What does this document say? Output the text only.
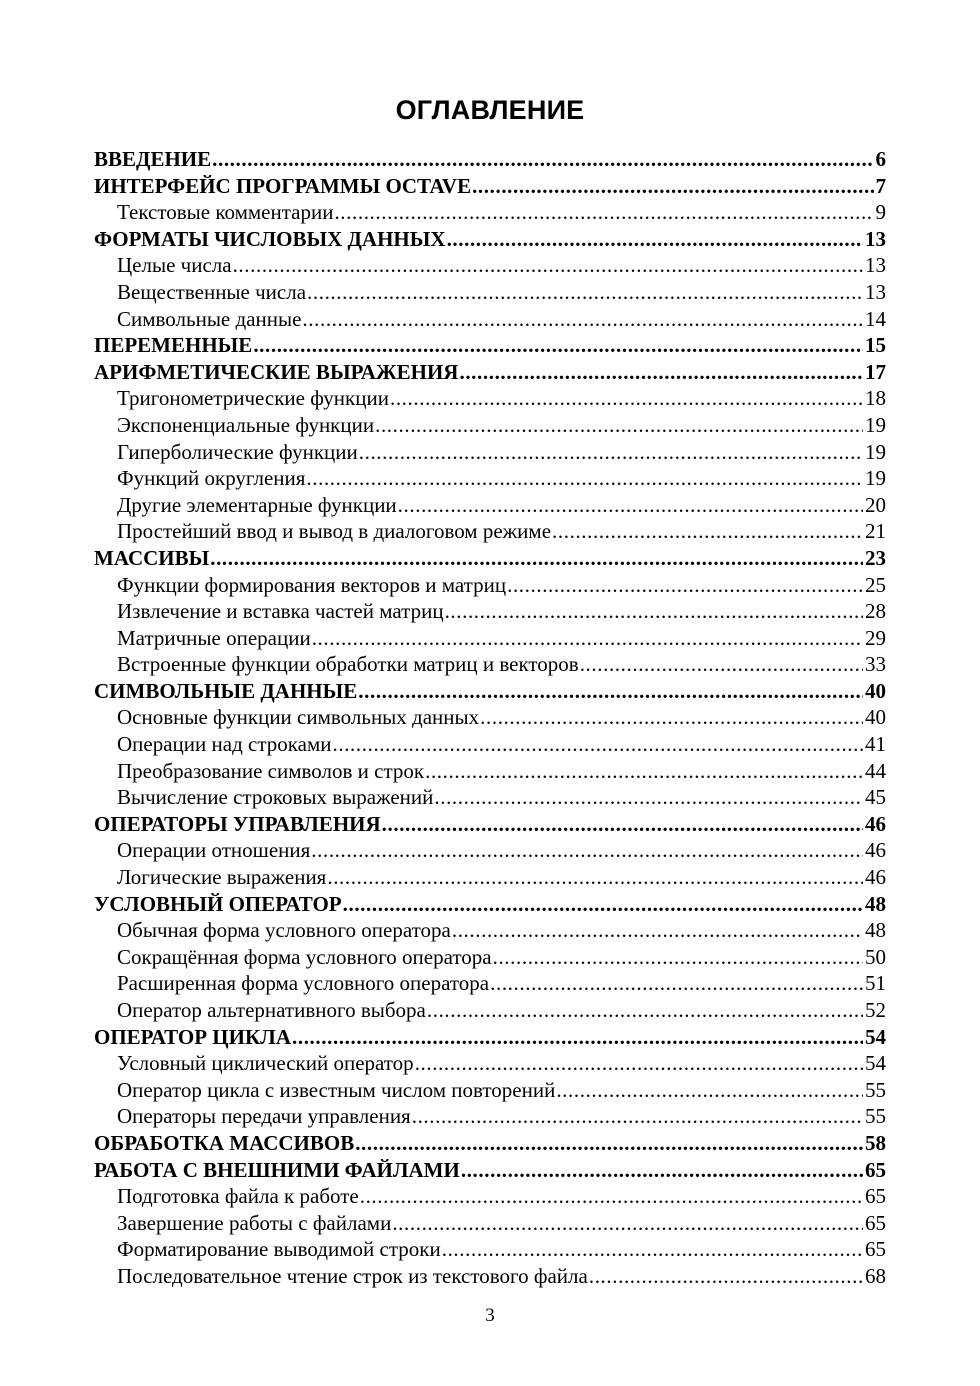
ОГЛАВЛЕНИЕ
ВВЕДЕНИЕ .....	6
ИНТЕРФЕЙС ПРОГРАММЫ OCTAVE .....	7
Текстовые комментарии .....	9
ФОРМАТЫ ЧИСЛОВЫХ ДАННЫХ .....	13
Целые числа .....	13
Вещественные числа .....	13
Символьные данные .....	14
ПЕРЕМЕННЫЕ .....	15
АРИФМЕТИЧЕСКИЕ ВЫРАЖЕНИЯ .....	17
Тригонометрические функции .....	18
Экспоненциальные функции .....	19
Гиперболические функции .....	19
Функций округления .....	19
Другие элементарные функции .....	20
Простейший ввод и вывод в диалоговом режиме .....	21
МАССИВЫ .....	23
Функции формирования векторов и матриц .....	25
Извлечение и вставка частей матриц .....	28
Матричные операции .....	29
Встроенные функции обработки матриц и векторов .....	33
СИМВОЛЬНЫЕ ДАННЫЕ .....	40
Основные функции символьных данных .....	40
Операции над строками .....	41
Преобразование символов и строк .....	44
Вычисление строковых выражений .....	45
ОПЕРАТОРЫ УПРАВЛЕНИЯ .....	46
Операции отношения .....	46
Логические выражения .....	46
УСЛОВНЫЙ ОПЕРАТОР .....	48
Обычная форма условного оператора .....	48
Сокращённая форма условного оператора .....	50
Расширенная форма условного оператора .....	51
Оператор альтернативного выбора .....	52
ОПЕРАТОР ЦИКЛА .....	54
Условный циклический оператор .....	54
Оператор цикла с известным числом повторений .....	55
Операторы передачи управления .....	55
ОБРАБОТКА МАССИВОВ .....	58
РАБОТА С ВНЕШНИМИ ФАЙЛАМИ .....	65
Подготовка файла к работе .....	65
Завершение работы с файлами .....	65
Форматирование выводимой строки .....	65
Последовательное чтение строк из текстового файла .....	68
3
